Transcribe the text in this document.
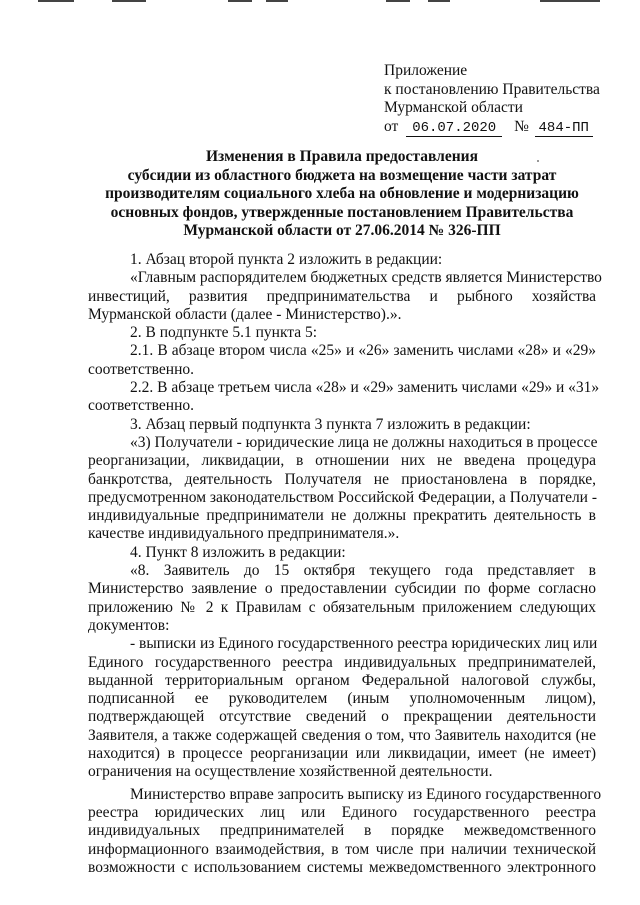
Приложение
к постановлению Правительства
Мурманской области
от 06.07.2020 № 484-ПП
Изменения в Правила предоставления
субсидии из областного бюджета на возмещение части затрат
производителям социального хлеба на обновление и модернизацию
основных фондов, утвержденные постановлением Правительства
Мурманской области от 27.06.2014 № 326-ПП

1. Абзац второй пункта 2 изложить в редакции:

«Главным распорядителем бюджетных средств является Министерство
инвестиций, развития предпринимательства и рыбного хозяйства
Мурманской области (далее - Министерство).».

2. В подпункте 5.1 пункта 5:

2.1. В абзаце втором числа «25» и «26» заменить числами «28» и «29»
соответственно.

2.2. В абзаце третьем числа «28» и «29» заменить числами «29» и «31»
соответственно.

3. Абзац первый подпункта 3 пункта 7 изложить в редакции:

«3) Получатели - юридические лица не должны находиться в процессе
реорганизации, ликвидации, в отношении них не введена процедура
банкротства, деятельность Получателя не приостановлена в порядке,
предусмотренном законодательством Российской Федерации, а Получатели -
индивидуальные предприниматели не должны прекратить деятельность в
качестве индивидуального предпринимателя.».

4. Пункт 8 изложить в редакции:

«8. Заявитель до 15 октября текущего года представляет в
Министерство заявление о предоставлении субсидии по форме согласно
приложению № 2 к Правилам с обязательным приложением следующих
документов:

- выписки из Единого государственного реестра юридических лиц или
Единого государственного реестра индивидуальных предпринимателей,
выданной территориальным органом Федеральной налоговой службы,
подписанной ее руководителем (иным уполномоченным лицом),
подтверждающей отсутствие сведений о прекращении деятельности
Заявителя, а также содержащей сведения о том, что Заявитель находится (не
находится) в процессе реорганизации или ликвидации, имеет (не имеет)
ограничения на осуществление хозяйственной деятельности.

Министерство вправе запросить выписку из Единого государственного
реестра юридических лиц или Единого государственного реестра
индивидуальных предпринимателей в порядке межведомственного
информационного взаимодействия, в том числе при наличии технической
возможности с использованием системы межведомственного электронного
